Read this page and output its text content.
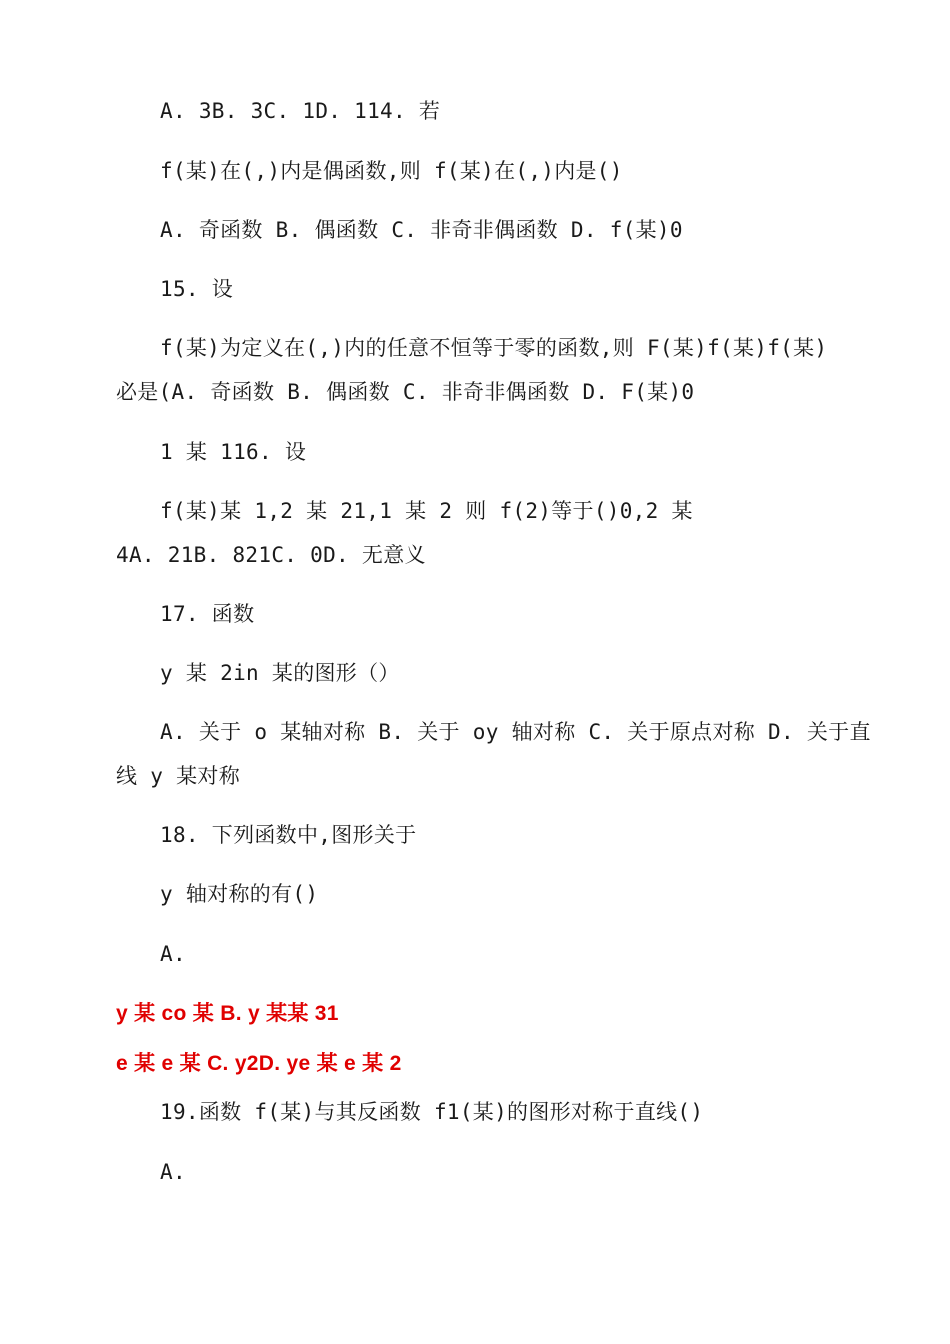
A. 3B. 3C. 1D. 114. 若
f(某)在(,)内是偶函数,则 f(某)在(,)内是()
A. 奇函数 B. 偶函数 C. 非奇非偶函数 D. f(某)0
15. 设
f(某)为定义在(,)内的任意不恒等于零的函数,则 F(某)f(某)f(某)
必是(A. 奇函数 B. 偶函数 C. 非奇非偶函数 D. F(某)0
1 某 116. 设
f(某)某 1,2 某 21,1 某 2 则 f(2)等于()0,2 某
4A. 21B. 821C. 0D. 无意义
17. 函数
y 某 2in 某的图形（）
A. 关于 o 某轴对称 B. 关于 oy 轴对称 C. 关于原点对称 D. 关于直
线 y 某对称
18. 下列函数中,图形关于
y 轴对称的有()
A.
y 某 co 某 B. y 某某 31
e 某 e 某 C. y2D. ye 某 e 某 2
19.函数 f(某)与其反函数 f1(某)的图形对称于直线()
A.
